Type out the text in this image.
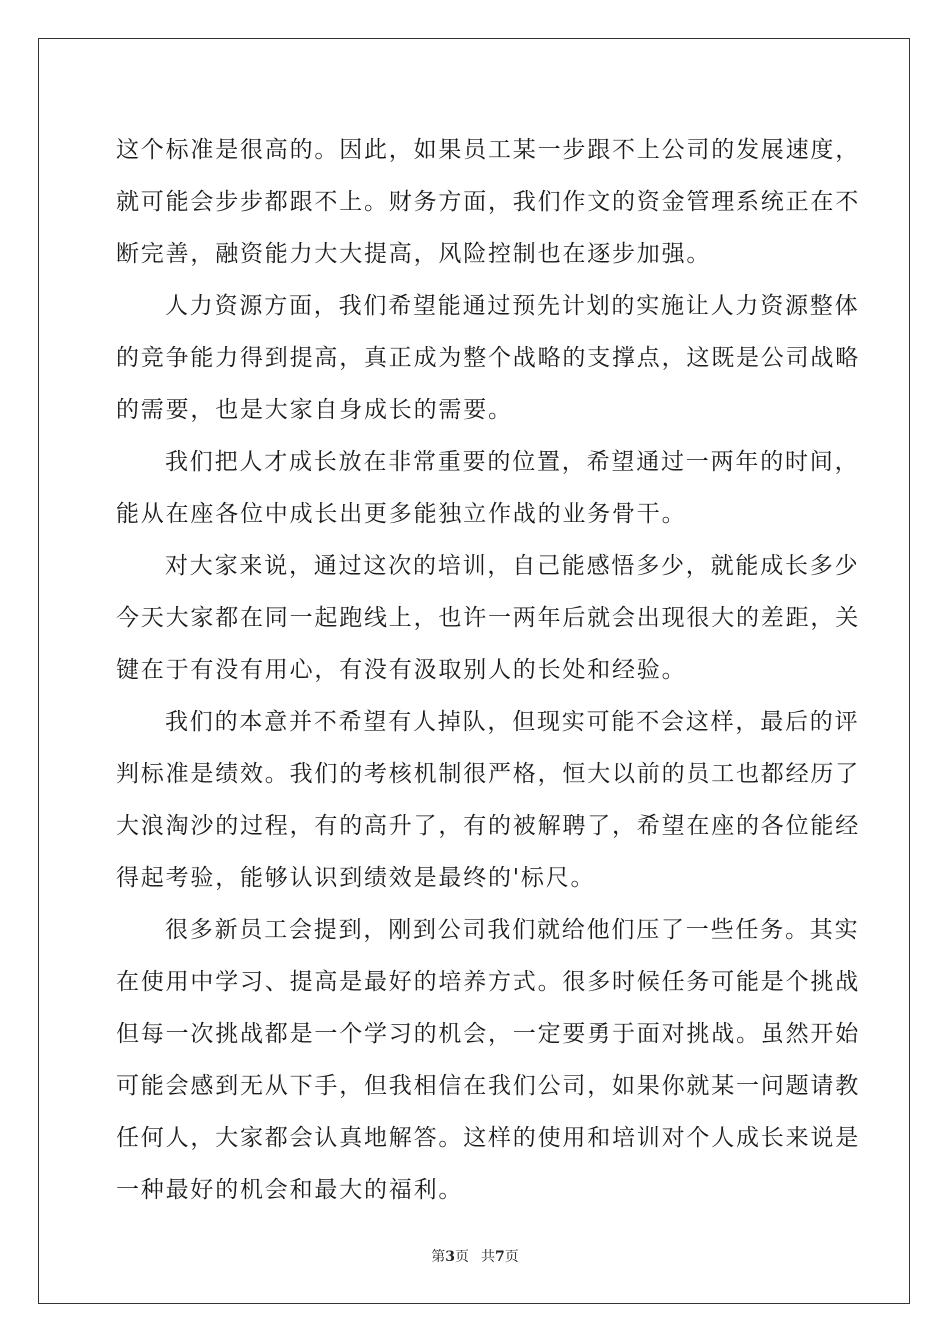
这个标准是很高的。因此，如果员工某一步跟不上公司的发展速度，
就可能会步步都跟不上。财务方面，我们作文的资金管理系统正在不
断完善，融资能力大大提高，风险控制也在逐步加强。
人力资源方面，我们希望能通过预先计划的实施让人力资源整体
的竞争能力得到提高，真正成为整个战略的支撑点，这既是公司战略
的需要，也是大家自身成长的需要。
我们把人才成长放在非常重要的位置，希望通过一两年的时间，
能从在座各位中成长出更多能独立作战的业务骨干。
对大家来说，通过这次的培训，自己能感悟多少，就能成长多少
今天大家都在同一起跑线上，也许一两年后就会出现很大的差距，关
键在于有没有用心，有没有汲取别人的长处和经验。
我们的本意并不希望有人掉队，但现实可能不会这样，最后的评
判标准是绩效。我们的考核机制很严格，恒大以前的员工也都经历了
大浪淘沙的过程，有的高升了，有的被解聘了，希望在座的各位能经
得起考验，能够认识到绩效是最终的'标尺。
很多新员工会提到，刚到公司我们就给他们压了一些任务。其实
在使用中学习、提高是最好的培养方式。很多时候任务可能是个挑战
但每一次挑战都是一个学习的机会，一定要勇于面对挑战。虽然开始
可能会感到无从下手，但我相信在我们公司，如果你就某一问题请教
任何人，大家都会认真地解答。这样的使用和培训对个人成长来说是
一种最好的机会和最大的福利。
第3页 共7页
